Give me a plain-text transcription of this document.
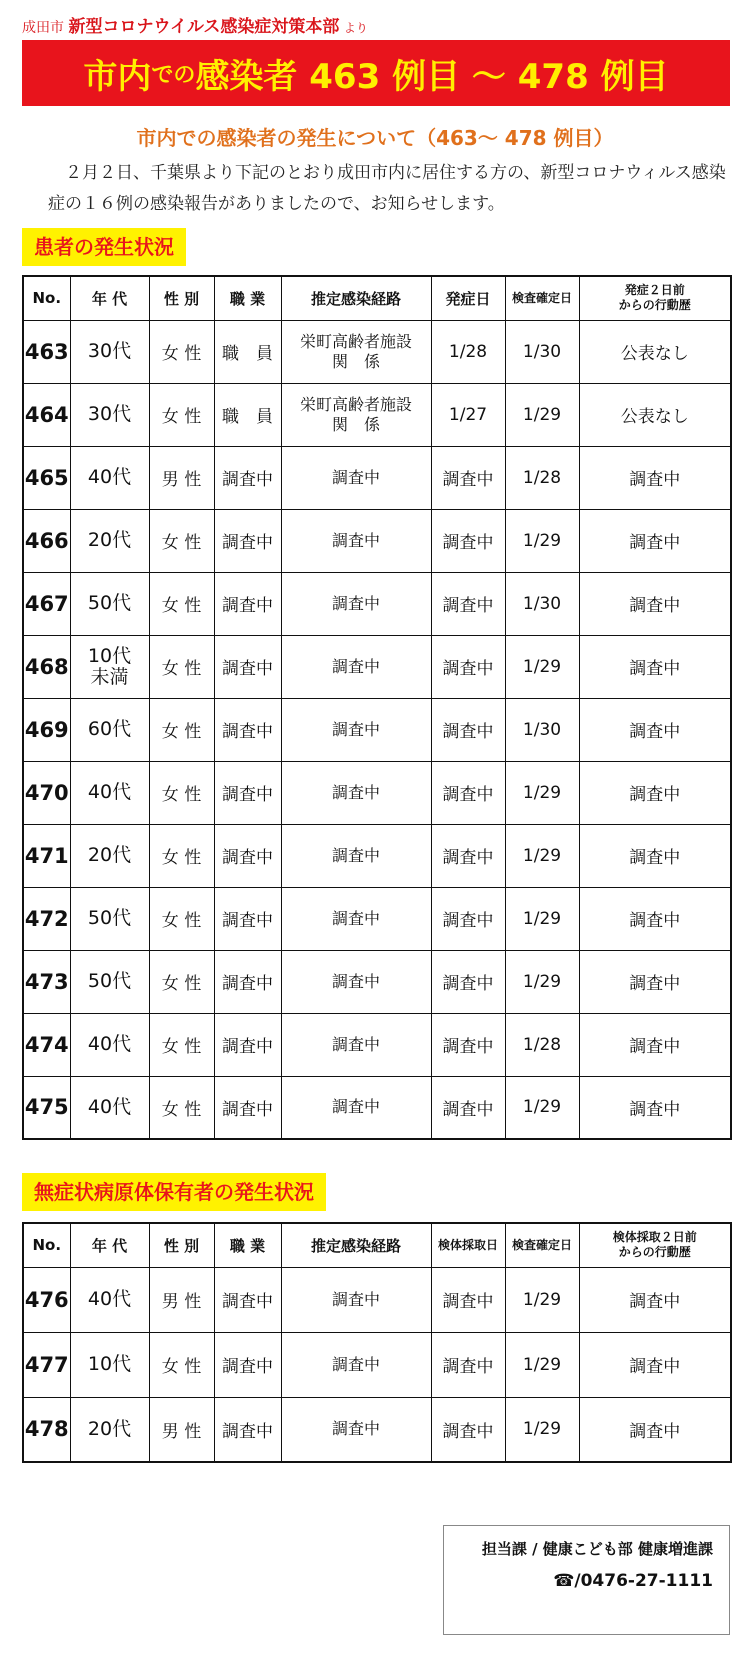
成田市 新型コロナウイルス感染症対策本部 より
市内 での 感染者 463 例目 ～ 478 例目
市内での感染者の発生について（463～ 478 例目）

２月２日、千葉県より下記のとおり成田市内に居住する方の、新型コロナウィルス感染症の１６例の感染報告がありましたので、お知らせします。

患者の発生状況
No.	年 代	性 別	職 業	推定感染経路	発症日	検査確定日	発症２日前
からの行動歴
463	30代	女 性	職　員	栄町高齢者施設
関　係	1/28	1/30	公表なし
464	30代	女 性	職　員	栄町高齢者施設
関　係	1/27	1/29	公表なし
465	40代	男 性	調査中	調査中	調査中	1/28	調査中
466	20代	女 性	調査中	調査中	調査中	1/29	調査中
467	50代	女 性	調査中	調査中	調査中	1/30	調査中
468	10代
未満	女 性	調査中	調査中	調査中	1/29	調査中
469	60代	女 性	調査中	調査中	調査中	1/30	調査中
470	40代	女 性	調査中	調査中	調査中	1/29	調査中
471	20代	女 性	調査中	調査中	調査中	1/29	調査中
472	50代	女 性	調査中	調査中	調査中	1/29	調査中
473	50代	女 性	調査中	調査中	調査中	1/29	調査中
474	40代	女 性	調査中	調査中	調査中	1/28	調査中
475	40代	女 性	調査中	調査中	調査中	1/29	調査中
無症状病原体保有者の発生状況
No.	年 代	性 別	職 業	推定感染経路	検体採取日	検査確定日	検体採取２日前
からの行動歴
476	40代	男 性	調査中	調査中	調査中	1/29	調査中
477	10代	女 性	調査中	調査中	調査中	1/29	調査中
478	20代	男 性	調査中	調査中	調査中	1/29	調査中
担当課 / 健康こども部 健康増進課
☎/0476-27-1111
